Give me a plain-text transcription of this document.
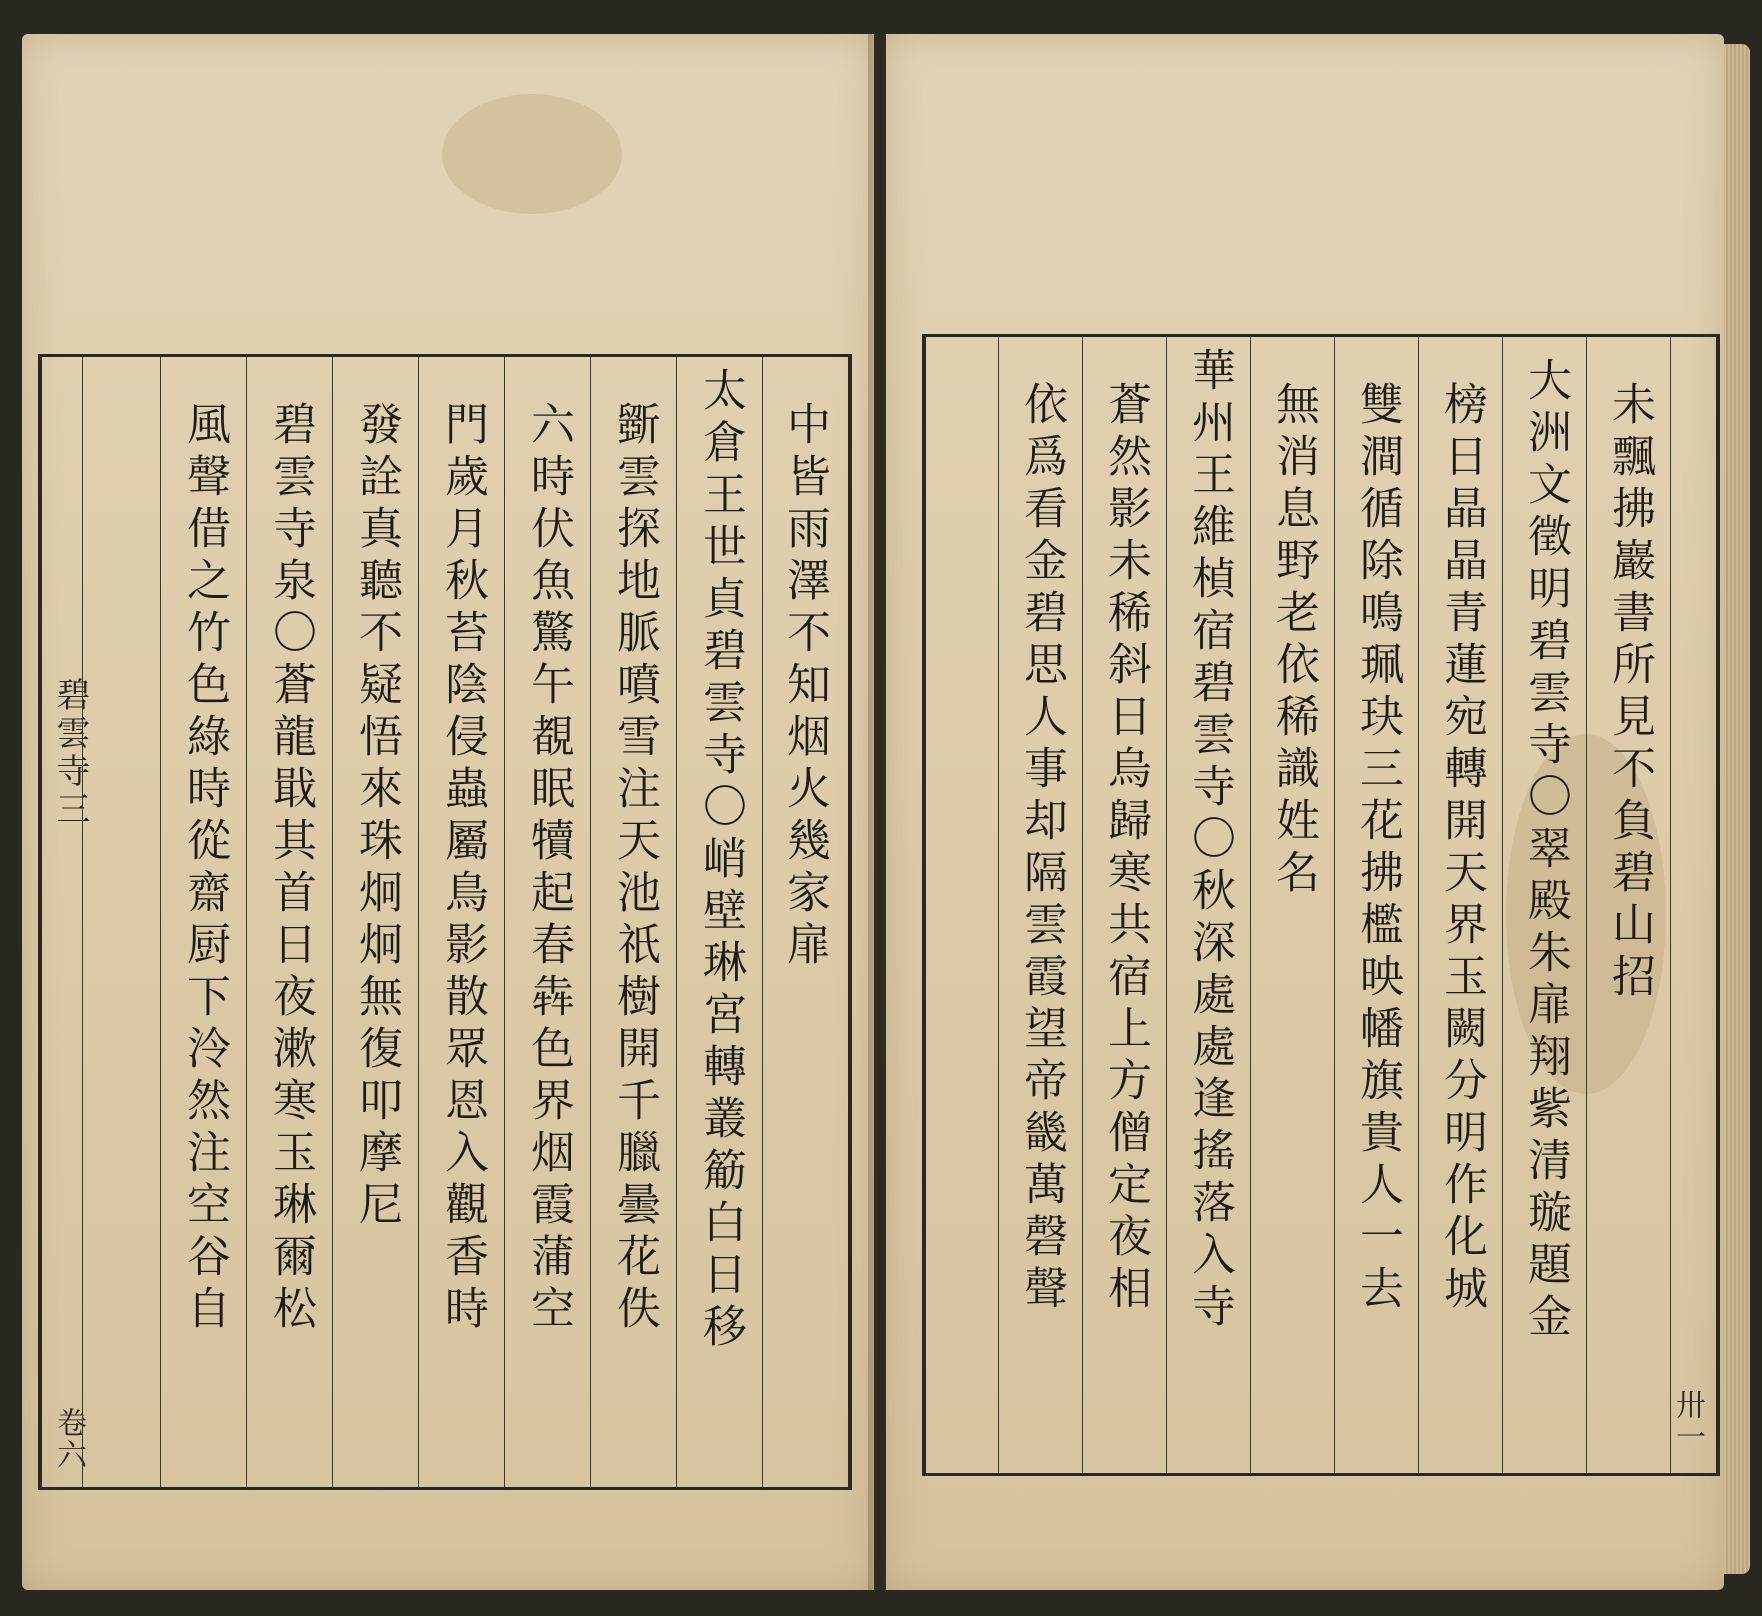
碧雲寺三
卷六
中皆雨澤不知烟火幾家扉
太倉王世貞碧雲寺〇峭壁琳宮轉叢䈥白日移
斵雲探地脈噴雪注天池祇樹開千臘曇花佚
六時伏魚驚午覩眠犢起春犇色界烟霞蒲空
門歲月秋苔陰侵蟲屬鳥影散眾恩入觀香時
發詮真聽不疑悟來珠炯炯無復叩摩尼
碧雲寺泉〇蒼龍戢其首日夜漱寒玉琳爾松
風聲借之竹色綠時從齋厨下泠然注空谷自
卅一
未飄拂巖書所見不負碧山招
大洲文徵明碧雲寺〇翠殿朱扉翔紫清璇題金
榜日晶晶青蓮宛轉開天界玉闕分明作化城
雙澗循除鳴珮玦三花拂檻映幡旗貴人一去
無消息野老依稀識姓名
華州王維楨宿碧雲寺〇秋深處處逢搖落入寺
蒼然影未稀斜日烏歸寒共宿上方僧定夜相
依爲看金碧思人事却隔雲霞望帝畿萬磬聲
